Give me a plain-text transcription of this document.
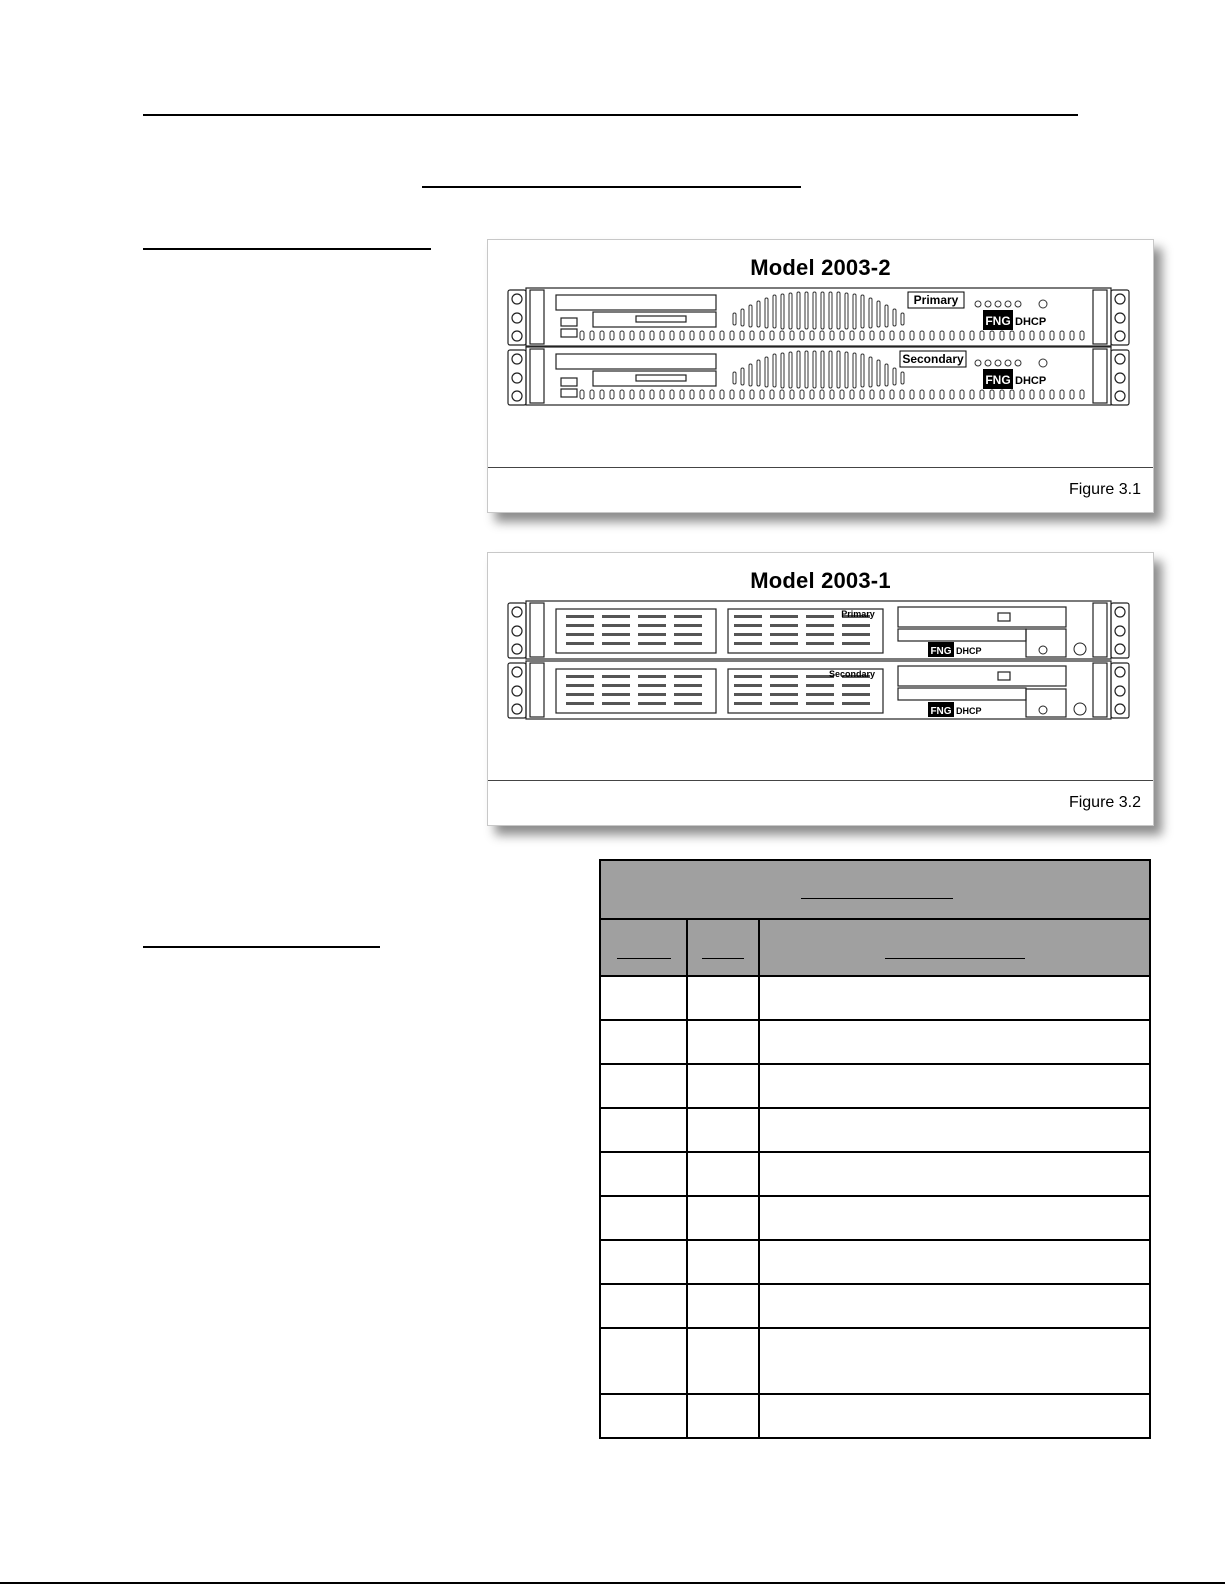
Model 2003-2
Primary
Secondary
FNG DHCP
FNG DHCP
Figure 3.1
Model 2003-1
Primary
Secondary
FNG DHCP
FNG DHCP
Figure 3.2
